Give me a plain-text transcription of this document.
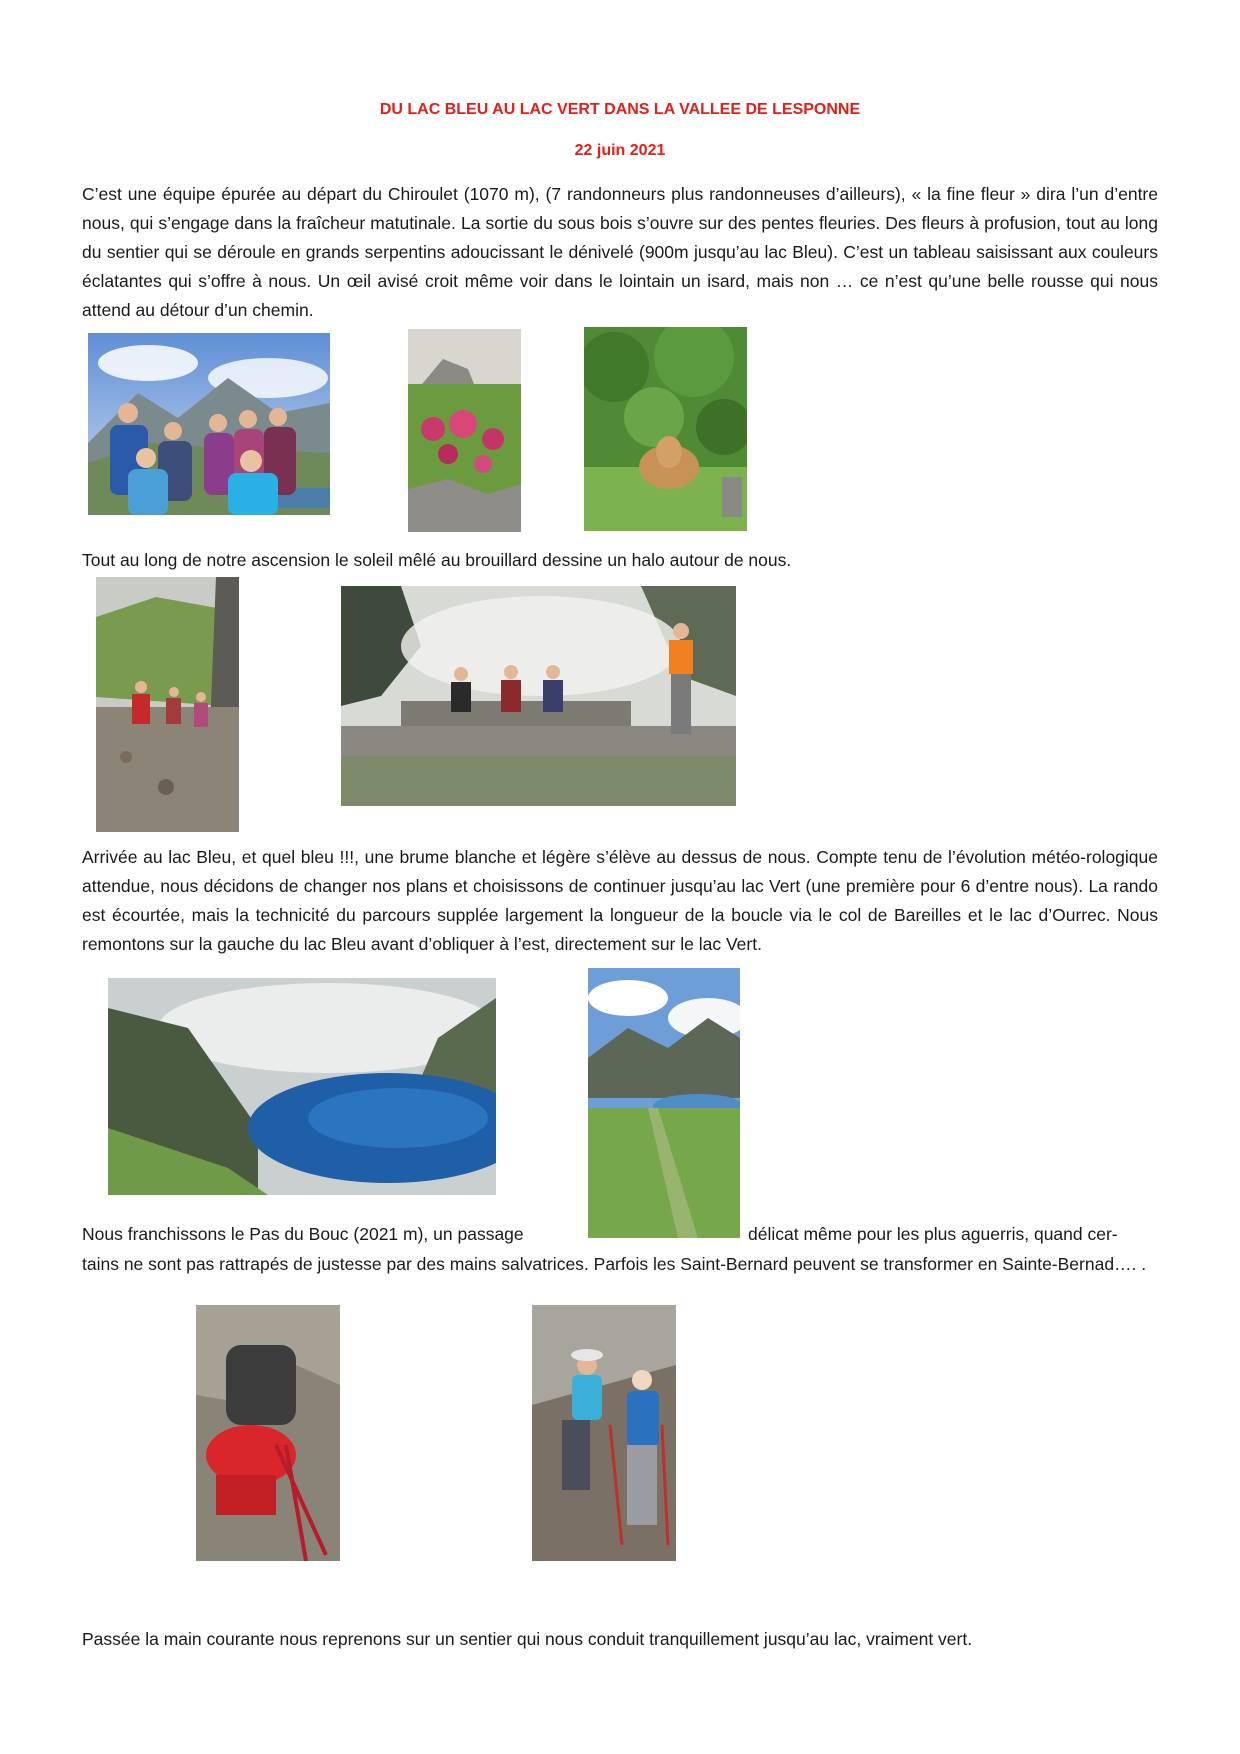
DU LAC BLEU AU LAC VERT DANS LA VALLEE DE LESPONNE
22 juin 2021

C’est une équipe épurée au départ du Chiroulet (1070 m), (7 randonneurs plus randonneuses d’ailleurs), « la fine fleur » dira l’un d’entre nous, qui s’engage dans la fraîcheur matutinale. La sortie du sous bois s’ouvre sur des pentes fleuries. Des fleurs à profusion, tout au long du sentier qui se déroule en grands serpentins adoucissant le dénivelé (900m jusqu’au lac Bleu). C’est un tableau saisissant aux couleurs éclatantes qui s’offre à nous. Un œil avisé croit même voir dans le lointain un isard, mais non … ce n’est qu’une belle rousse qui nous attend au détour d’un chemin.

Tout au long de notre ascension le soleil mêlé au brouillard dessine un halo autour de nous.

Arrivée au lac Bleu, et quel bleu !!!, une brume blanche et légère s’élève au dessus de nous. Compte tenu de l’évolution météo-rologique attendue, nous décidons de changer nos plans et choisissons de continuer jusqu’au lac Vert (une première pour 6 d’entre nous). La rando est écourtée, mais la technicité du parcours supplée largement la longueur de la boucle via le col de Bareilles et le lac d’Ourrec. Nous remontons sur la gauche du lac Bleu avant d’obliquer à l’est, directement sur le lac Vert.

Nous franchissons le Pas du Bouc (2021 m), un passage	délicat même pour les plus aguerris, quand cer-

tains ne sont pas rattrapés de justesse par des mains salvatrices. Parfois les Saint-Bernard peuvent se transformer en Sainte-Bernad…. .

Passée la main courante nous reprenons sur un sentier qui nous conduit tranquillement jusqu’au lac, vraiment vert.
